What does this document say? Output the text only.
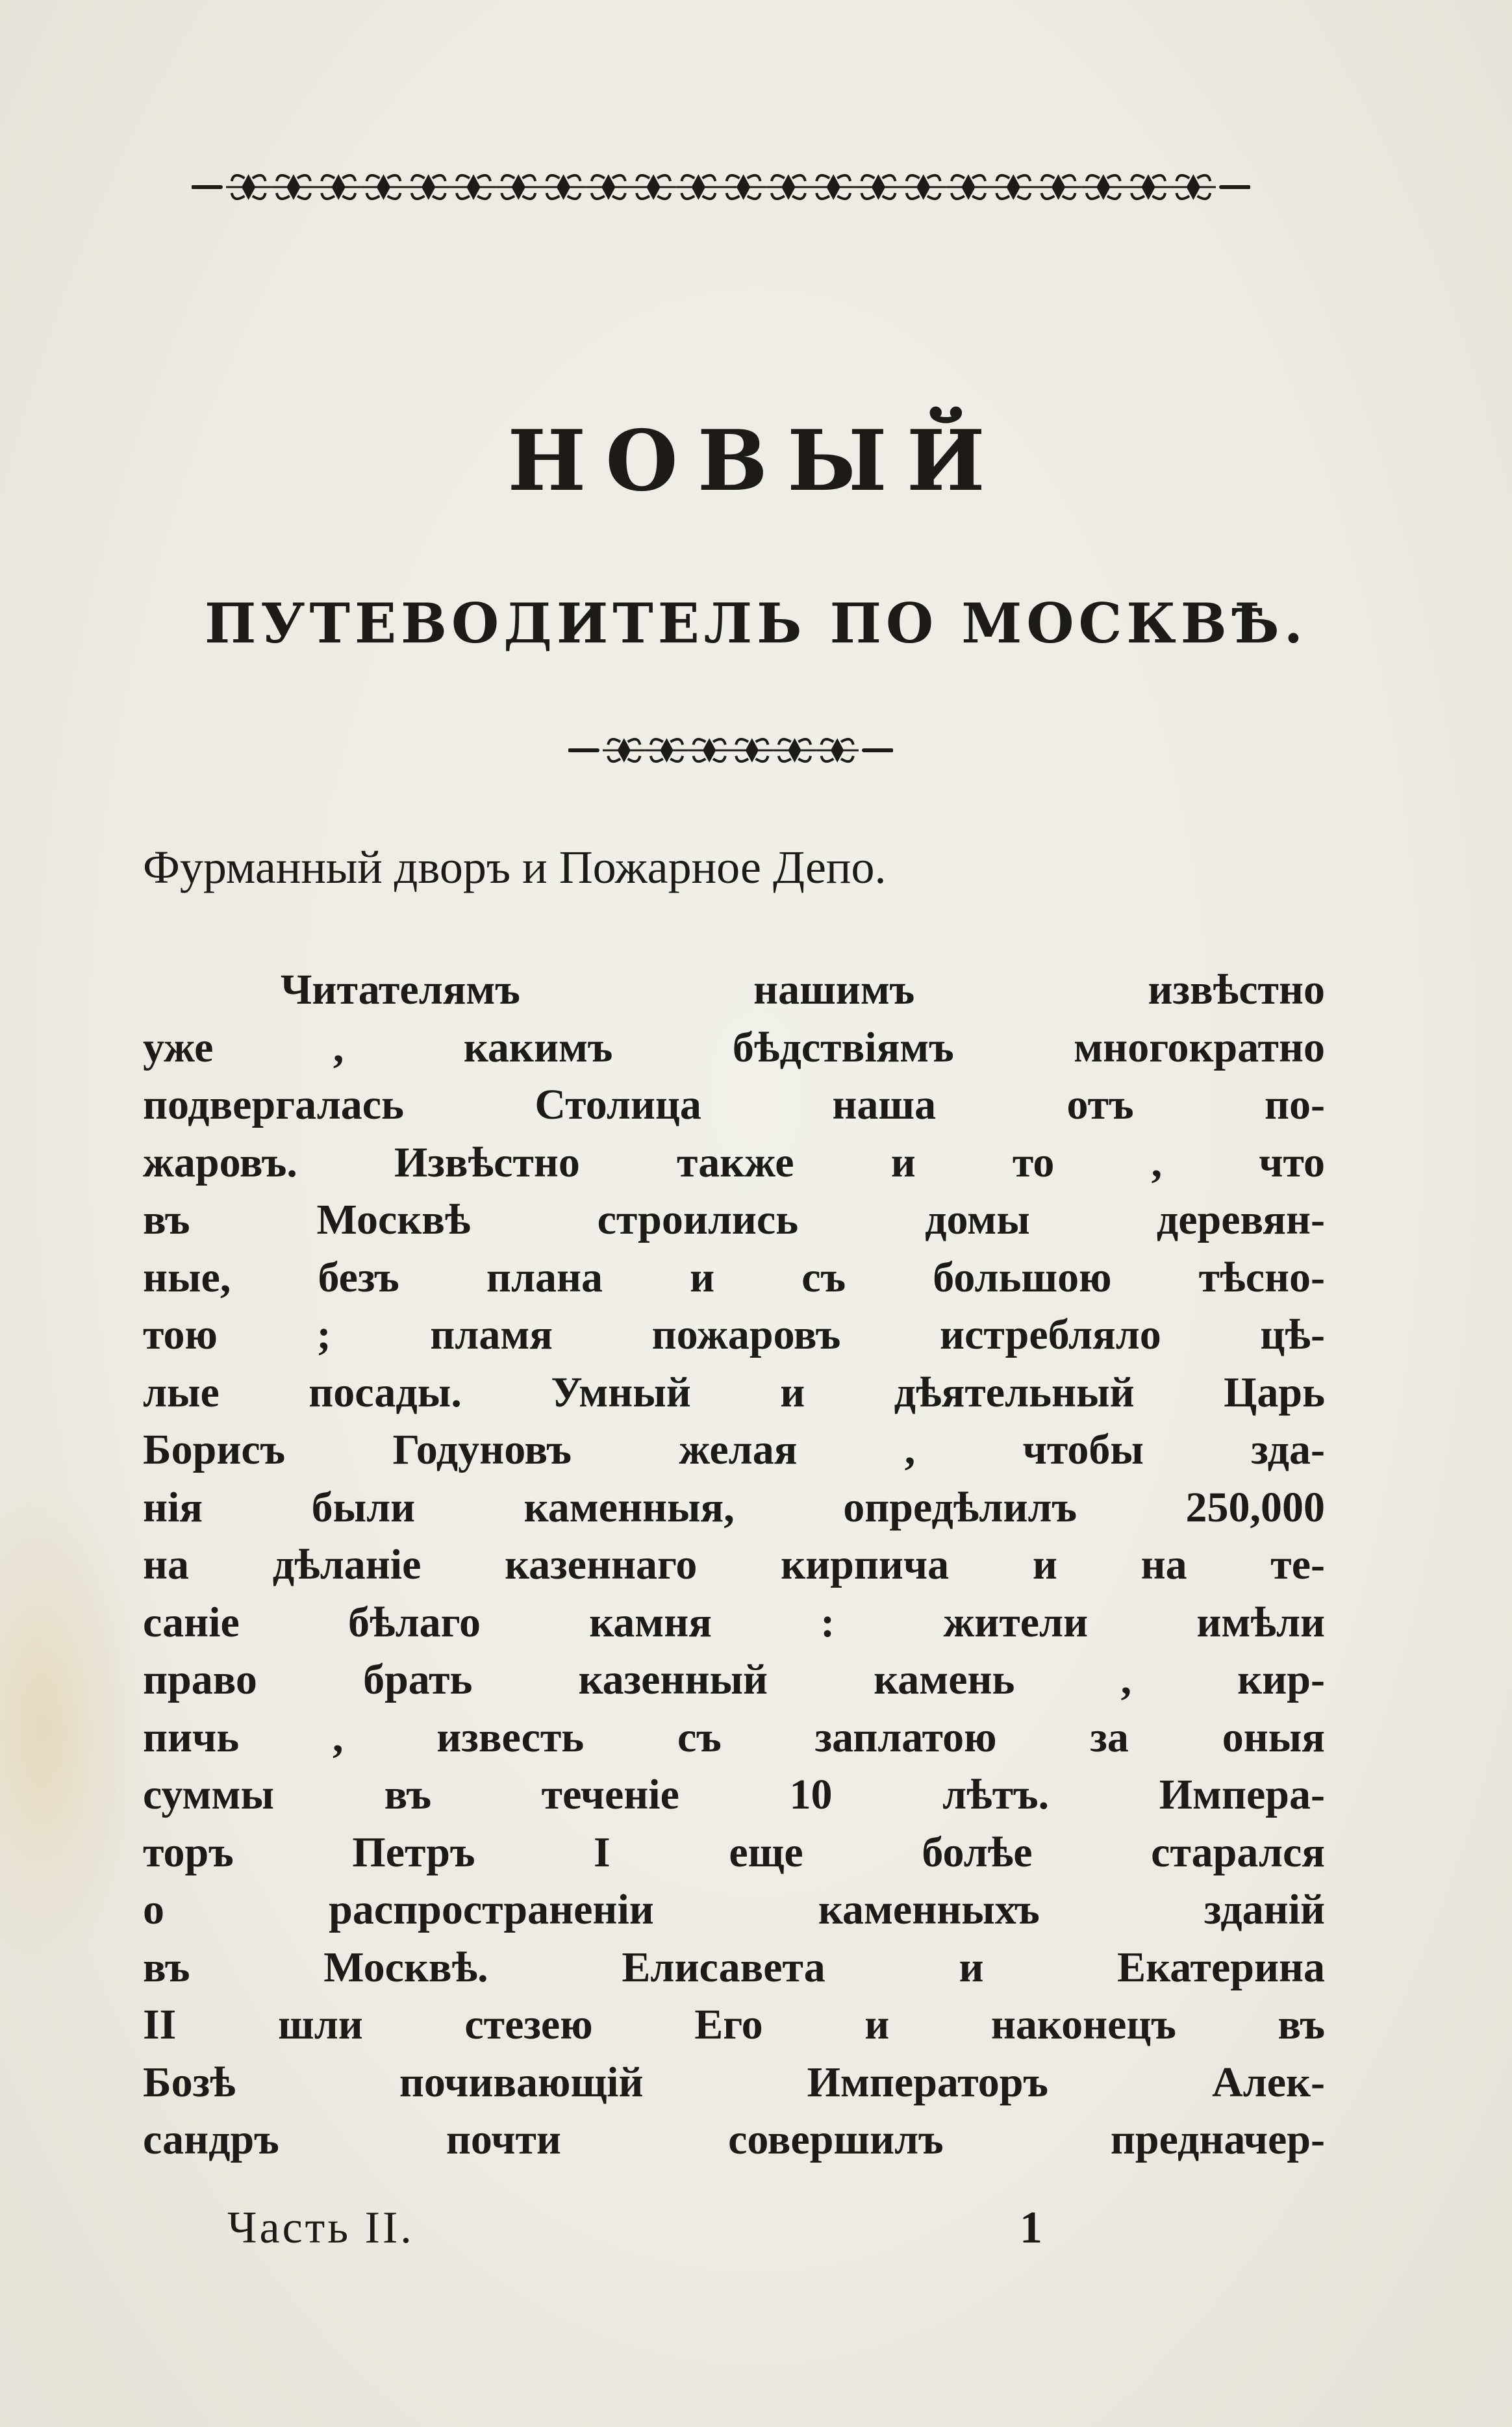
НОВЫЙ
ПУТЕВОДИТЕЛЬ ПО МОСКВѢ.
Фурманный дворъ и Пожарное Депо.
Читателямъ нашимъ извѣстно
уже , какимъ бѣдствіямъ многократно
подвергалась Столица наша отъ по-
жаровъ. Извѣстно также и то , что
въ Москвѣ строились домы деревян-
ные, безъ плана и съ большою тѣсно-
тою ; пламя пожаровъ истребляло цѣ-
лые посады. Умный и дѣятельный Царь
Борисъ Годуновъ желая , чтобы зда-
нія были каменныя, опредѣлилъ 250,000
на дѣланіе казеннаго кирпича и на те-
саніе бѣлаго камня : жители имѣли
право брать казенный камень , кир-
пичь , известь съ заплатою за оныя
суммы въ теченіе 10 лѣтъ. Импера-
торъ Петръ I еще болѣе старался
о распространеніи каменныхъ зданій
въ Москвѣ. Елисавета и Екатерина
II шли стезею Его и наконецъ въ
Бозѣ почивающій Императоръ Алек-
сандръ почти совершилъ предначер-
Часть II.	1
